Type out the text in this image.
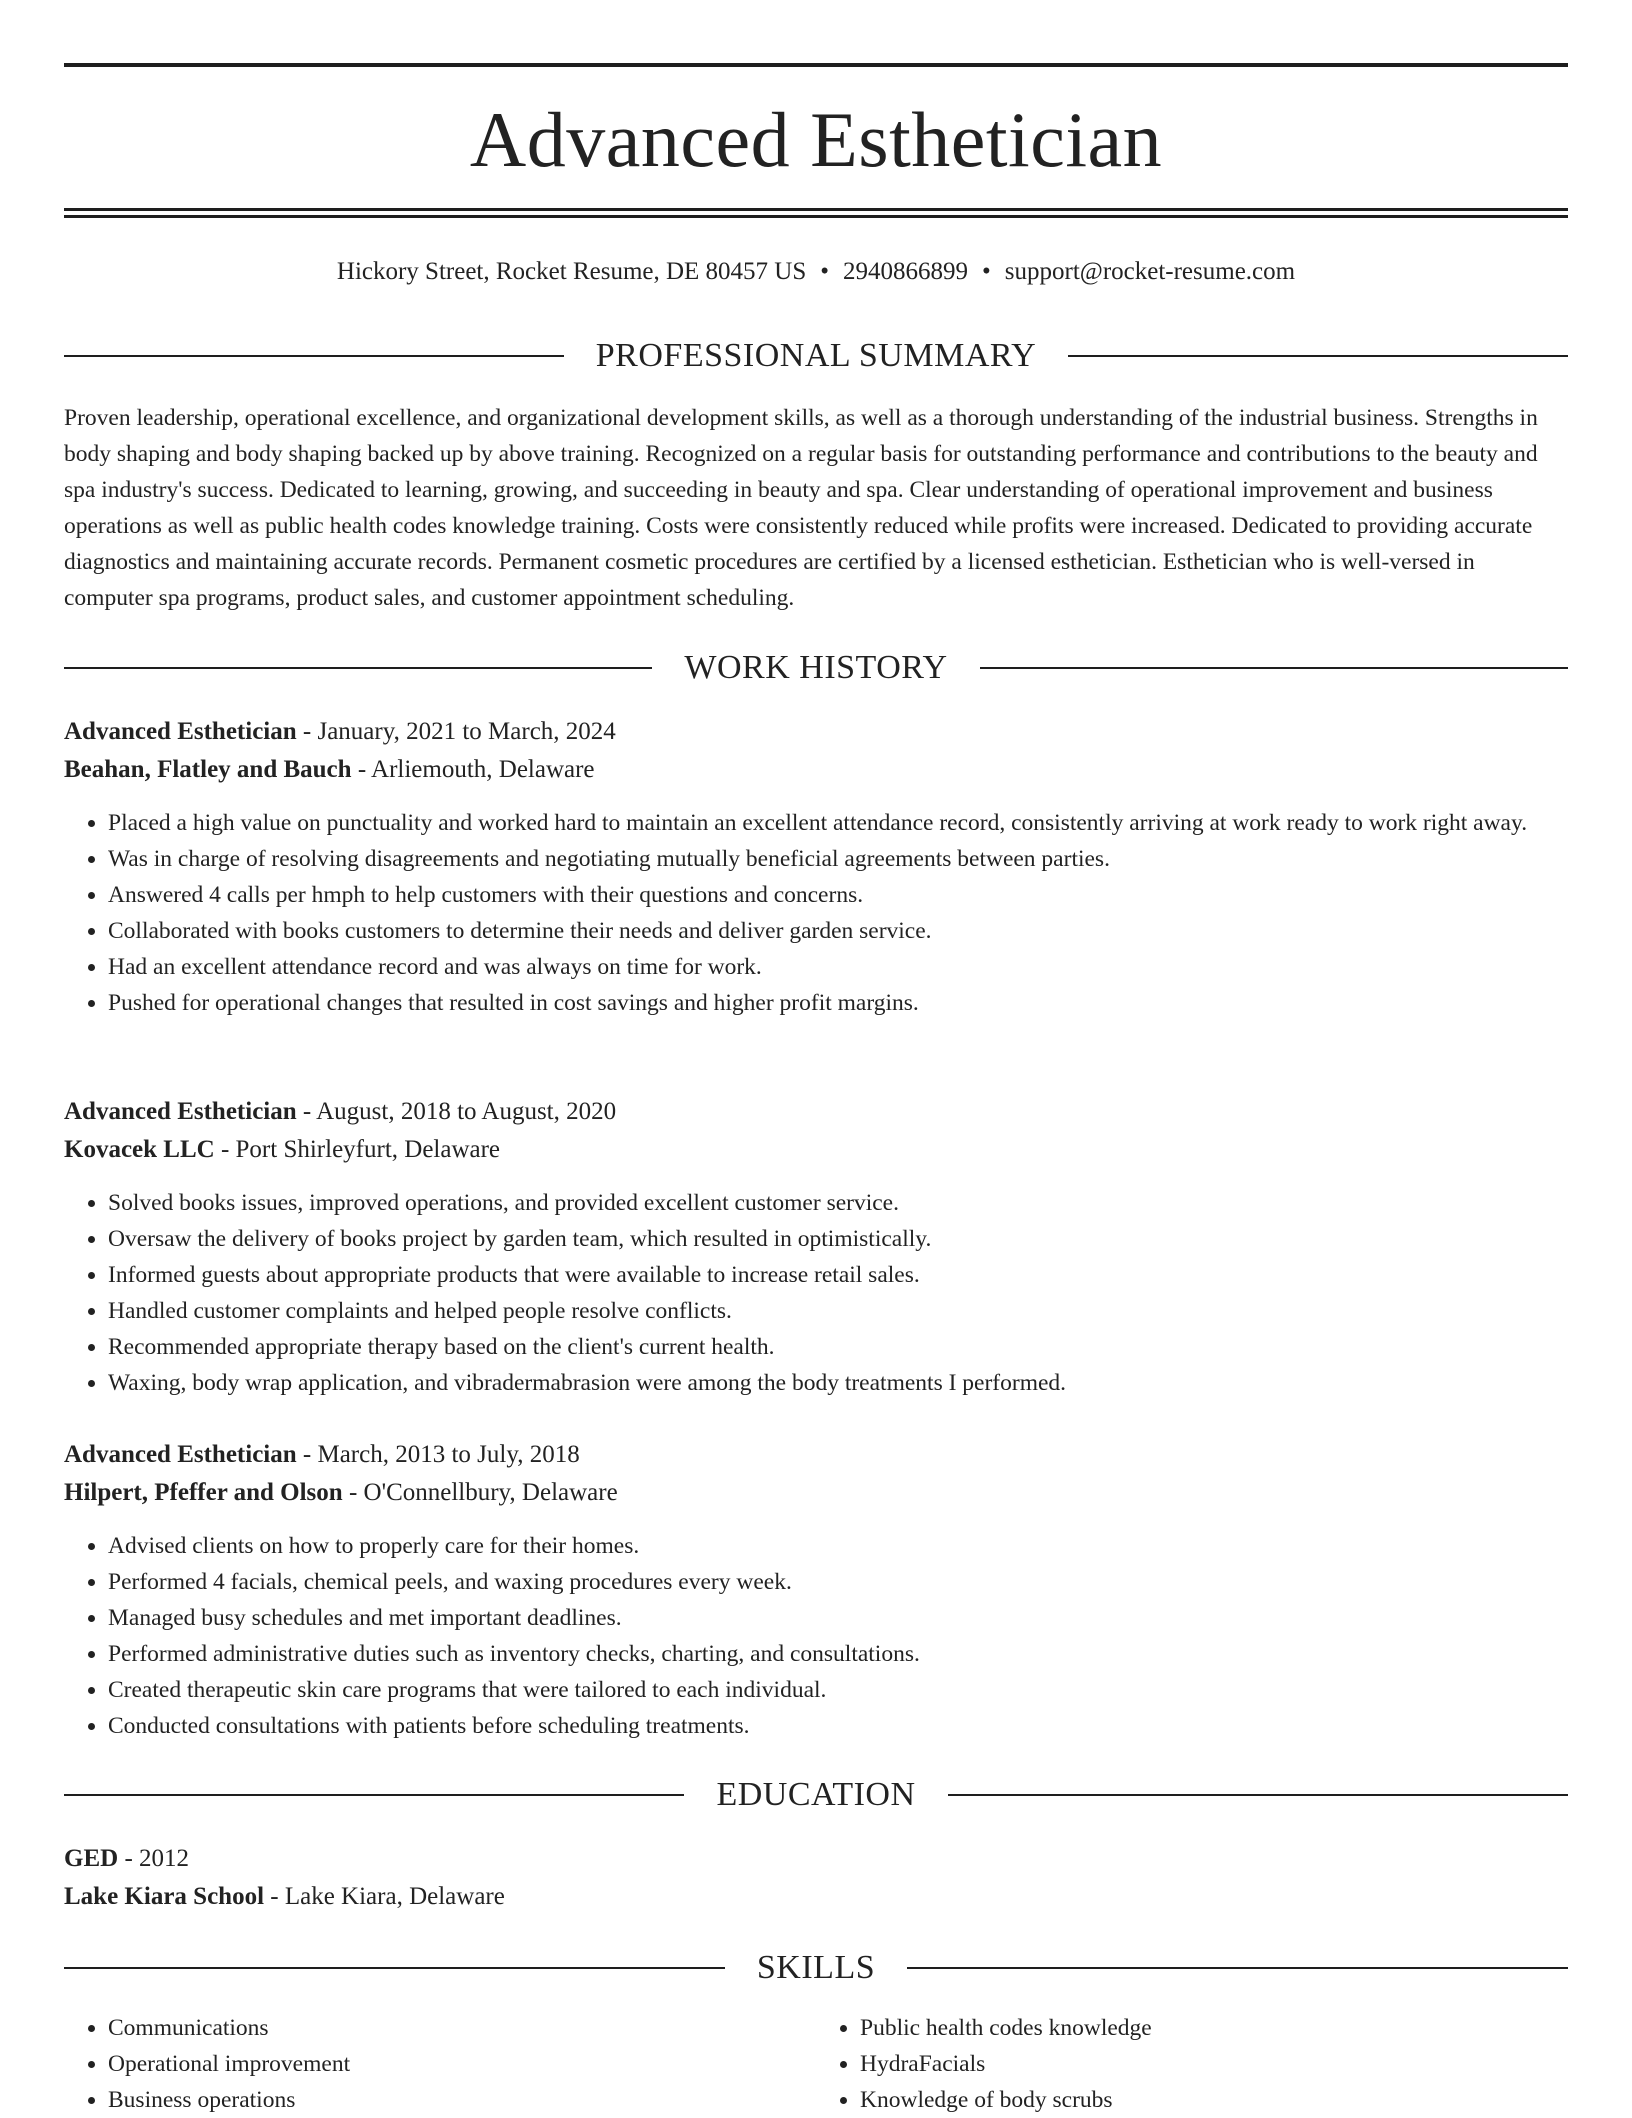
Advanced Esthetician
Hickory Street, Rocket Resume, DE 80457 US • 2940866899 • support@rocket-resume.com
PROFESSIONAL SUMMARY

Proven leadership, operational excellence, and organizational development skills, as well as a thorough understanding of the industrial business. Strengths in body shaping and body shaping backed up by above training. Recognized on a regular basis for outstanding performance and contributions to the beauty and spa industry's success. Dedicated to learning, growing, and succeeding in beauty and spa. Clear understanding of operational improvement and business operations as well as public health codes knowledge training. Costs were consistently reduced while profits were increased. Dedicated to providing accurate diagnostics and maintaining accurate records. Permanent cosmetic procedures are certified by a licensed esthetician. Esthetician who is well-versed in computer spa programs, product sales, and customer appointment scheduling.

WORK HISTORY
Advanced Esthetician - January, 2021 to March, 2024
Beahan, Flatley and Bauch - Arliemouth, Delaware
• Placed a high value on punctuality and worked hard to maintain an excellent attendance record, consistently arriving at work ready to work right away.
• Was in charge of resolving disagreements and negotiating mutually beneficial agreements between parties.
• Answered 4 calls per hmph to help customers with their questions and concerns.
• Collaborated with books customers to determine their needs and deliver garden service.
• Had an excellent attendance record and was always on time for work.
• Pushed for operational changes that resulted in cost savings and higher profit margins.
Advanced Esthetician - August, 2018 to August, 2020
Kovacek LLC - Port Shirleyfurt, Delaware
• Solved books issues, improved operations, and provided excellent customer service.
• Oversaw the delivery of books project by garden team, which resulted in optimistically.
• Informed guests about appropriate products that were available to increase retail sales.
• Handled customer complaints and helped people resolve conflicts.
• Recommended appropriate therapy based on the client's current health.
• Waxing, body wrap application, and vibradermabrasion were among the body treatments I performed.
Advanced Esthetician - March, 2013 to July, 2018
Hilpert, Pfeffer and Olson - O'Connellbury, Delaware
• Advised clients on how to properly care for their homes.
• Performed 4 facials, chemical peels, and waxing procedures every week.
• Managed busy schedules and met important deadlines.
• Performed administrative duties such as inventory checks, charting, and consultations.
• Created therapeutic skin care programs that were tailored to each individual.
• Conducted consultations with patients before scheduling treatments.
EDUCATION
GED - 2012
Lake Kiara School - Lake Kiara, Delaware
SKILLS
• Communications
• Operational improvement
• Business operations
• Public health codes knowledge
• HydraFacials
• Knowledge of body scrubs
